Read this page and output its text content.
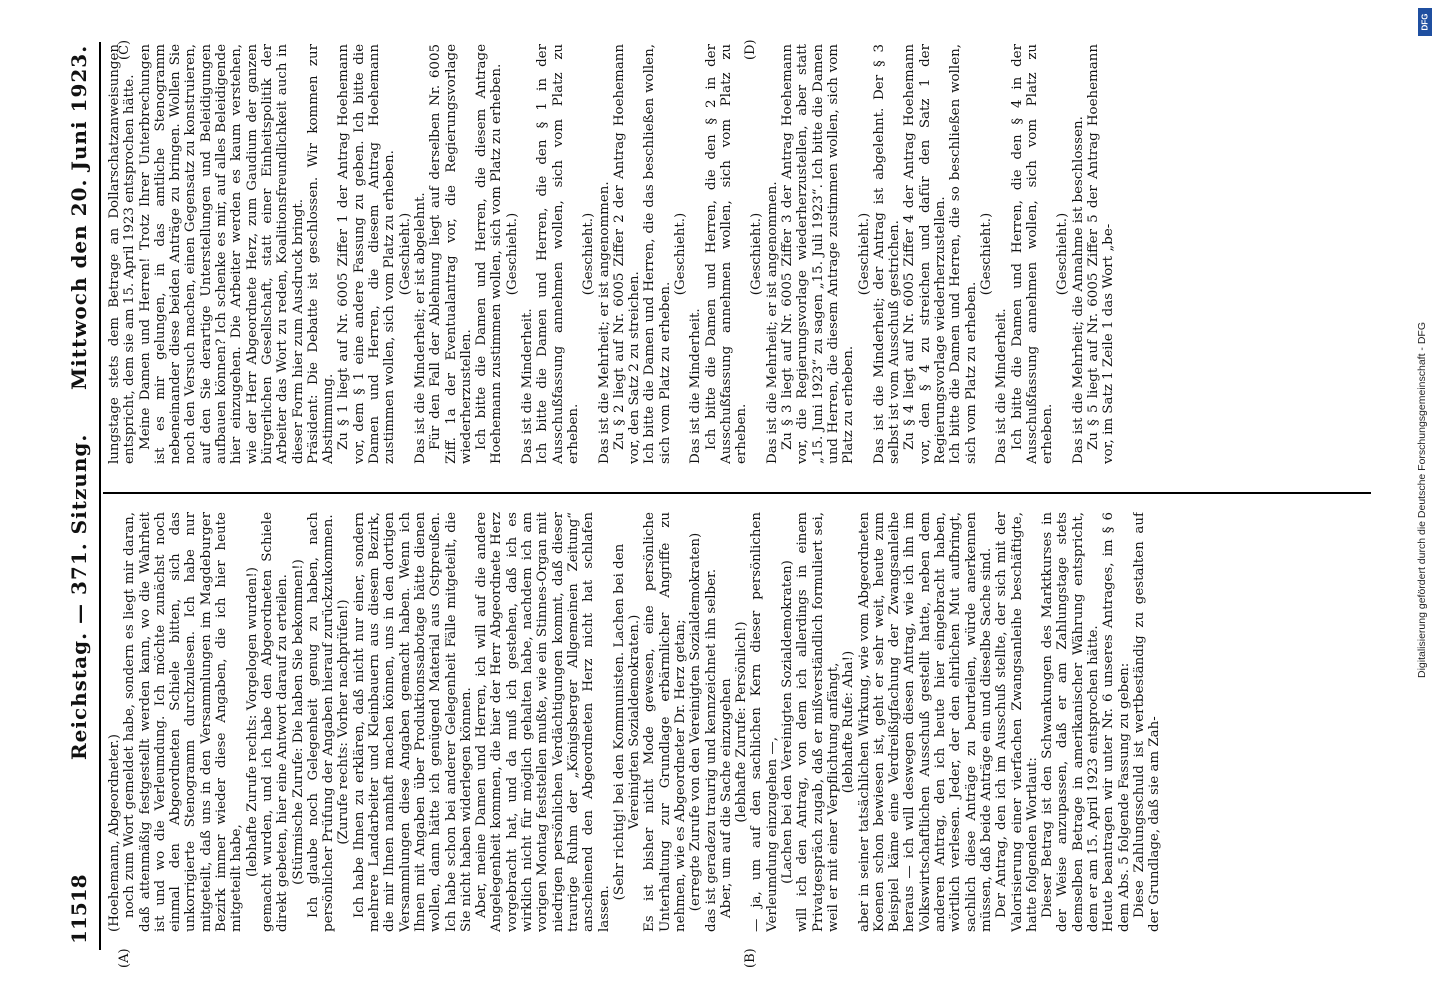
11518
Reichstag. — 371. Sitzung.
Mittwoch den 20. Juni 1923.
(A)	(B)
(C)	(D)

(Hoehemann, Abgeordneter.) noch zum Wort gemeldet habe, sondern es liegt mir daran, daß attenmäßig festgestellt werden kann, wo die Wahrheit ist und wo die Verleumdung. Ich möchte zunächst noch einmal den Abgeordneten Schiele bitten, sich das unkorrigierte Stenogramm durchzulesen. Ich habe nur mitgeteilt, daß uns in den Versammlungen im Magdeburger Bezirk immer wieder diese Angaben, die ich hier heute mitgeteilt habe,

(lebhafte Zurufe rechts: Vorgelogen wurden!) gemacht wurden, und ich habe den Abgeordneten Schiele direkt gebeten, hier eine Antwort darauf zu erteilen. (Stürmische Zurufe: Die haben Sie bekommen!) Ich glaube noch Gelegenheit genug zu haben, nach persönlicher Prüfung der Angaben hierauf zurückzukommen. (Zurufe rechts: Vorher nachprüfen!) Ich habe Ihnen zu erklären, daß nicht nur einer, sondern mehrere Landarbeiter und Kleinbauern aus diesem Bezirk, die mir Ihnen namhaft machen können, uns in den dortigen Versammlungen diese Angaben gemacht haben. Wenn ich Ihnen mit Angaben über Produktionssabotage hätte dienen wollen, dann hätte ich genügend Material aus Ostpreußen. Ich habe schon bei anderer Gelegenheit Fälle mitgeteilt, die Sie nicht haben widerlegen können. Aber, meine Damen und Herren, ich will auf die andere Angelegenheit kommen, die hier der Herr Abgeordnete Herz vorgebracht hat, und da muß ich gestehen, daß ich es wirklich nicht für möglich gehalten habe, nachdem ich am vorigen Montag feststellen mußte, wie ein Stinnes-Organ mit niedrigen persönlichen Verdächtigungen kommt, daß dieser traurige Ruhm der „Königsberger Allgemeinen Zeitung“ anscheinend den Abgeordneten Herz nicht hat schlafen lassen.

(Sehr richtig! bei den Kommunisten. Lachen bei den Vereinigten Sozialdemokraten.) Es ist bisher nicht Mode gewesen, eine persönliche Unterhaltung zur Grundlage erbärmlicher Angriffe zu nehmen, wie es Abgeordneter Dr. Herz getan; (erregte Zurufe von den Vereinigten Sozialdemokraten) das ist geradezu traurig und kennzeichnet ihn selber. Aber, um auf die Sache einzugehen (lebhafte Zurufe: Persönlich!) — ja, um auf den sachlichen Kern dieser persönlichen Verleumdung einzugehen —, (Lachen bei den Vereinigten Sozialdemokraten) will ich den Antrag, von dem ich allerdings in einem Privatgespräch zugab, daß er mißverständlich formuliert sei, weil er mit einer Verpflichtung anfängt, (lebhafte Rufe: Aha!) aber in seiner tatsächlichen Wirkung, wie vom Abgeordneten Koenen schon bewiesen ist, geht er sehr weit, heute zum Beispiel käme eine Verdreißigfachung der Zwangsanleihe heraus — ich will deswegen diesen Antrag, wie ich ihn im Volkswirtschaftlichen Ausschuß gestellt hatte, neben dem anderen Antrag, den ich heute hier eingebracht haben, wörtlich verlesen. Jeder, der den ehrlichen Mut aufbringt, sachlich diese Anträge zu beurteilen, würde anerkennen müssen, daß beide Anträge ein und dieselbe Sache sind. Der Antrag, den ich im Ausschuß stellte, der sich mit der Valorisierung einer vierfachen Zwangsanleihe beschäftigte, hatte folgenden Wortlaut: Dieser Betrag ist den Schwankungen des Marktkurses in der Weise anzupassen, daß er am Zahlungstage stets demselben Betrage in amerikanischer Währung entspricht, dem er am 15. April 1923 entsprochen hätte. Heute beantragen wir unter Nr. 6 unseres Antrages, im § 6 dem Abs. 5 folgende Fassung zu geben: Diese Zahlungsschuld ist wertbeständig zu gestalten auf der Grundlage, daß sie am Zah-

lungstage stets dem Betrage an Dollarschatzanweisungen entspricht, dem sie am 15. April 1923 entsprochen hätte. Meine Damen und Herren! Trotz Ihrer Unterbrechungen ist es mir gelungen, in das amtliche Stenogramm nebeneinander diese beiden Anträge zu bringen. Wollen Sie noch den Versuch machen, einen Gegensatz zu konstruieren, auf den Sie derartige Unterstellungen und Beleidigungen aufbauen können? Ich schenke es mir, auf alles Beleidigende hier einzugehen. Die Arbeiter werden es kaum verstehen, wie der Herr Abgeordnete Herz, zum Gaudium der ganzen bürgerlichen Gesellschaft, statt einer Einheitspolitik der Arbeiter das Wort zu reden, Koalitionsfreundlichkeit auch in dieser Form hier zum Ausdruck bringt. Präsident: Die Debatte ist geschlossen. Wir kommen zur Abstimmung. Zu § 1 liegt auf Nr. 6005 Ziffer 1 der Antrag Hoehemann vor, dem § 1 eine andere Fassung zu geben. Ich bitte die Damen und Herren, die diesem Antrag Hoehemann zustimmen wollen, sich vom Platz zu erheben. (Geschieht.) Das ist die Minderheit; er ist abgelehnt. Für den Fall der Ablehnung liegt auf derselben Nr. 6005 Ziff. 1a der Eventualantrag vor, die Regierungsvorlage wiederherzustellen. Ich bitte die Damen und Herren, die diesem Antrage Hoehemann zustimmen wollen, sich vom Platz zu erheben. (Geschieht.)

Das ist die Minderheit. Ich bitte die Damen und Herren, die den § 1 in der Ausschußfassung annehmen wollen, sich vom Platz zu erheben.

(Geschieht.) Das ist die Mehrheit; er ist angenommen. Zu § 2 liegt auf Nr. 6005 Ziffer 2 der Antrag Hoehemann vor, den Satz 2 zu streichen. Ich bitte die Damen und Herren, die das beschließen wollen, sich vom Platz zu erheben.

(Geschieht.)

Das ist die Minderheit. Ich bitte die Damen und Herren, die den § 2 in der Ausschußfassung annehmen wollen, sich vom Platz zu erheben.

(Geschieht.) Das ist die Mehrheit; er ist angenommen. Zu § 3 liegt auf Nr. 6005 Ziffer 3 der Antrag Hoehemann vor, die Regierungsvorlage wiederherzustellen, aber statt „15. Juni 1923“ zu sagen „15. Juli 1923“. Ich bitte die Damen und Herren, die diesem Antrage zustimmen wollen, sich vom Platz zu erheben.

(Geschieht.) Das ist die Minderheit; der Antrag ist abgelehnt. Der § 3 selbst ist vom Ausschuß gestrichen. Zu § 4 liegt auf Nr. 6005 Ziffer 4 der Antrag Hoehemann vor, den § 4 zu streichen und dafür den Satz 1 der Regierungsvorlage wiederherzustellen. Ich bitte die Damen und Herren, die so beschließen wollen, sich vom Platz zu erheben.

(Geschieht.)

Das ist die Minderheit. Ich bitte die Damen und Herren, die den § 4 in der Ausschußfassung annehmen wollen, sich vom Platz zu erheben.

(Geschieht.) Das ist die Mehrheit; die Annahme ist beschlossen. Zu § 5 liegt auf Nr. 6005 Ziffer 5 der Antrag Hoehemann vor, im Satz 1 Zeile 1 das Wort „be-	Digitalisierung gefördert durch die Deutsche Forschungsgemeinschaft - DFG
DFG
